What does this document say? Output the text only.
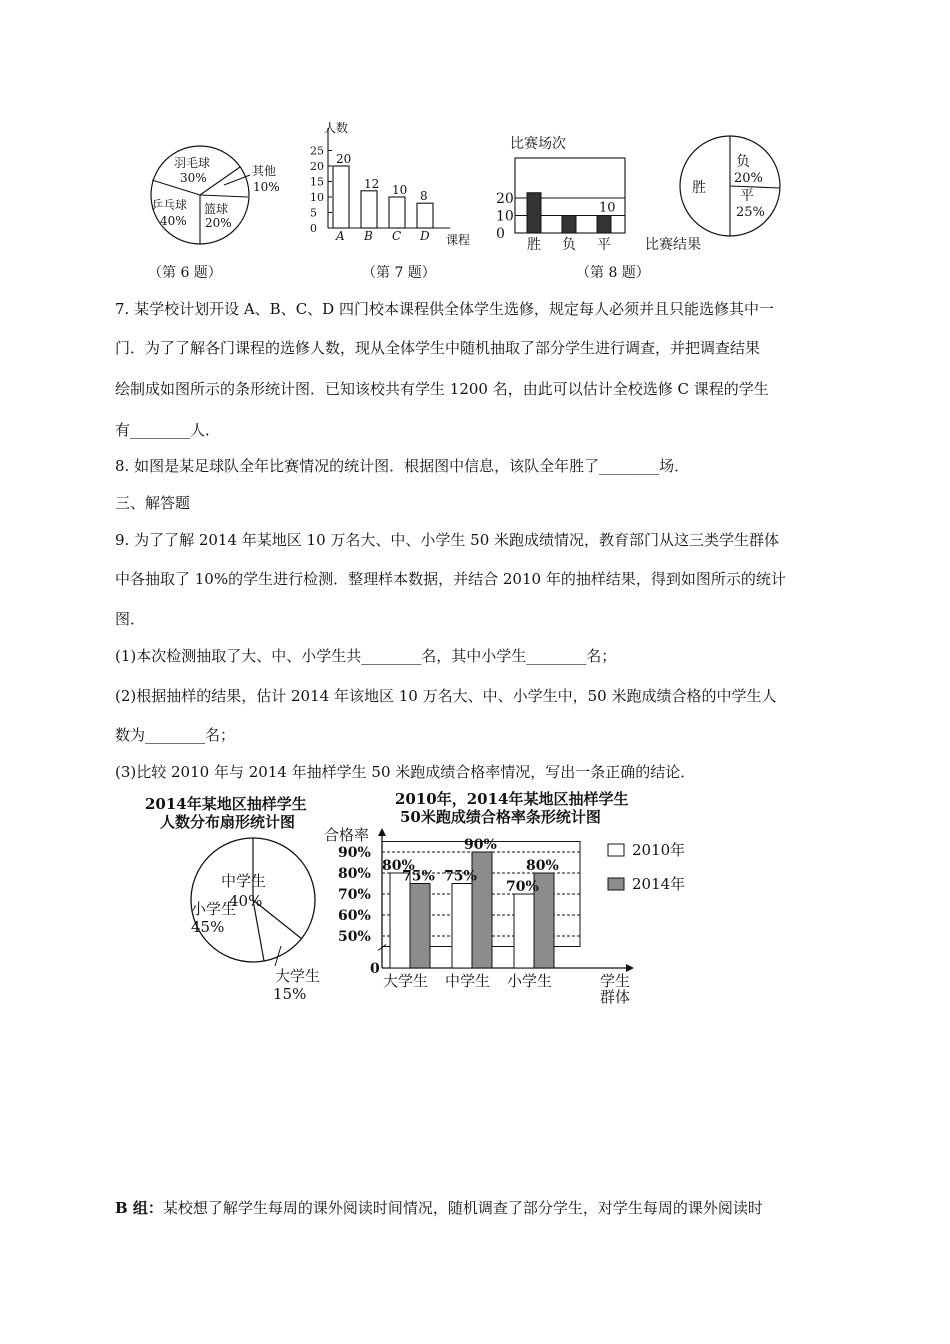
羽毛球
30%	其他
10%
篮球
20%
乒乓球
40%
人数
课程
0
5
10
15
20
25
20
A
12
B
10
C
8
D
比赛场次
0
10
20
胜 负 平
10
比赛结果
胜
负
20%
平
25%
（第 6 题）	（第 7 题）	（第 8 题）
7. 某学校计划开设 A、B、C、D 四门校本课程供全体学生选修，规定每人必须并且只能选修其中一
门．为了了解各门课程的选修人数，现从全体学生中随机抽取了部分学生进行调查，并把调查结果
绘制成如图所示的条形统计图．已知该校共有学生 1200 名，由此可以估计全校选修 C 课程的学生
有________人．
8. 如图是某足球队全年比赛情况的统计图．根据图中信息，该队全年胜了________场．
三、解答题
9. 为了了解 2014 年某地区 10 万名大、中、小学生 50 米跑成绩情况，教育部门从这三类学生群体
中各抽取了 10%的学生进行检测．整理样本数据，并结合 2010 年的抽样结果，得到如图所示的统计
图．
(1)本次检测抽取了大、中、小学生共________名，其中小学生________名；
(2)根据抽样的结果，估计 2014 年该地区 10 万名大、中、小学生中，50 米跑成绩合格的中学生人
数为________名；
(3)比较 2010 年与 2014 年抽样学生 50 米跑成绩合格率情况，写出一条正确的结论．
2014年某地区抽样学生
人数分布扇形统计图
中学生
40%
大学生
15%
小学生
45%
2010年，2014年某地区抽样学生
50米跑成绩合格率条形统计图
合格率
0
50%
60%
70%
80%
90%
80%
75%
大学生
75%
90%
中学生
70%
80%
小学生	学生
群体
2010年
2014年
B 组：某校想了解学生每周的课外阅读时间情况，随机调查了部分学生，对学生每周的课外阅读时
